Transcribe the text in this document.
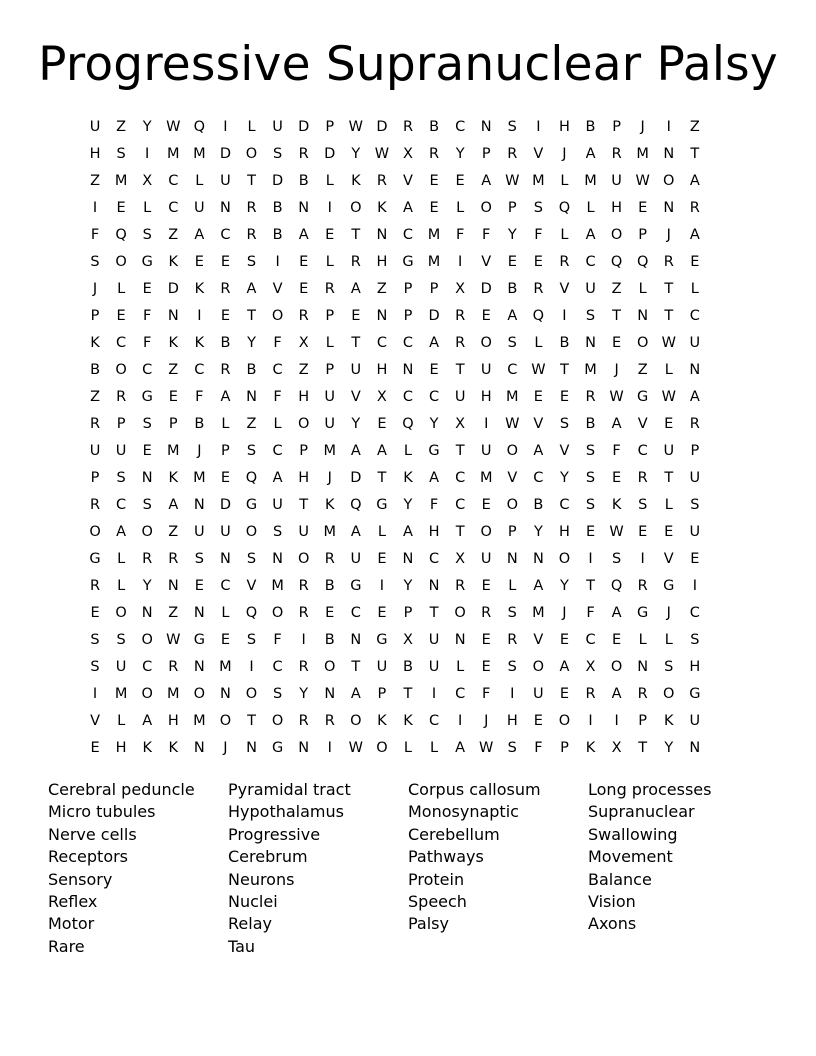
Progressive Supranuclear Palsy
U	Z	Y W Q	I	L	U	D	P	W D	R	B	C	N	S	I	H	B	P	J	I	Z
H	S	I	M M D	O	S	R	D	Y W X	R	Y	P	R	V	J	A	R	M N	T
Z	M	X	C	L	U	T	D	B	L	K	R	V	E	E	A W M	L	M	U W O	A
I	E	L	C	U	N	R	B	N	I	O	K	A	E	L	O	P	S	Q	L	H	E	N	R
F	Q	S	Z	A	C	R	B	A	E	T	N	C	M	F	F	Y	F	L	A	O	P	J	A
S	O	G	K	E	E	S	I	E	L	R	H	G M	I	V	E	E	R	C	Q	Q	R	E
J	L	E	D	K	R	A	V	E	R	A	Z	P	P	X	D	B	R	V	U	Z	L	T	L
P	E	F	N	I	E	T	O	R	P	E	N	P	D	R	E	A	Q	I	S	T	N	T	C
K	C	F	K	K	B	Y	F	X	L	T	C	C	A	R	O	S	L	B	N	E	O W U
B	O	C	Z	C	R	B	C	Z	P	U	H	N	E	T	U	C W T	M	J	Z	L	N
Z	R	G	E	F	A	N	F	H	U	V	X	C	C	U	H M	E	E	R W G W A
R	P	S	P	B	L	Z	L	O	U	Y	E	Q	Y	X	I	W V	S	B	A	V	E	R
U	U	E	M	J	P	S	C	P	M	A	A	L	G	T	U	O	A	V	S	F	C	U	P
P	S	N	K	M	E	Q	A	H	J	D	T	K	A	C	M	V	C	Y	S	E	R	T	U
R	C	S	A	N	D	G	U	T	K	Q	G	Y	F	C	E	O	B	C	S	K	S	L	S
O	A	O	Z	U	U	O	S	U	M	A	L	A	H	T	O	P	Y	H	E W E	E	U
G	L	R	R	S	N	S	N	O	R	U	E	N	C	X	U	N	N	O	I	S	I	V	E
R	L	Y	N	E	C	V	M	R	B	G	I	Y	N	R	E	L	A	Y	T	Q	R	G	I
E	O	N	Z	N	L	Q	O	R	E	C	E	P	T	O	R	S	M	J	F	A	G	J	C
S	S	O W G	E	S	F	I	B	N	G	X	U	N	E	R	V	E	C	E	L	L	S
S	U	C	R	N M	I	C	R	O	T	U	B	U	L	E	S	O	A	X	O	N	S	H
I	M O M O	N	O	S	Y	N	A	P	T	I	C	F	I	U	E	R	A	R	O	G
V	L	A	H M O	T	O	R	R	O	K	K	C	I	J	H	E	O	I	I	P	K	U
E	H	K	K	N	J	N	G	N	I	W O	L	L	A W S	F	P	K	X	T	Y	N
Cerebral peduncle
Micro tubules
Nerve cells
Receptors
Sensory
Reflex
Motor
Rare
Pyramidal tract
Hypothalamus
Progressive
Cerebrum
Neurons
Nuclei
Relay
Tau
Corpus callosum
Monosynaptic
Cerebellum
Pathways
Protein
Speech
Palsy
Long processes
Supranuclear
Swallowing
Movement
Balance
Vision
Axons
